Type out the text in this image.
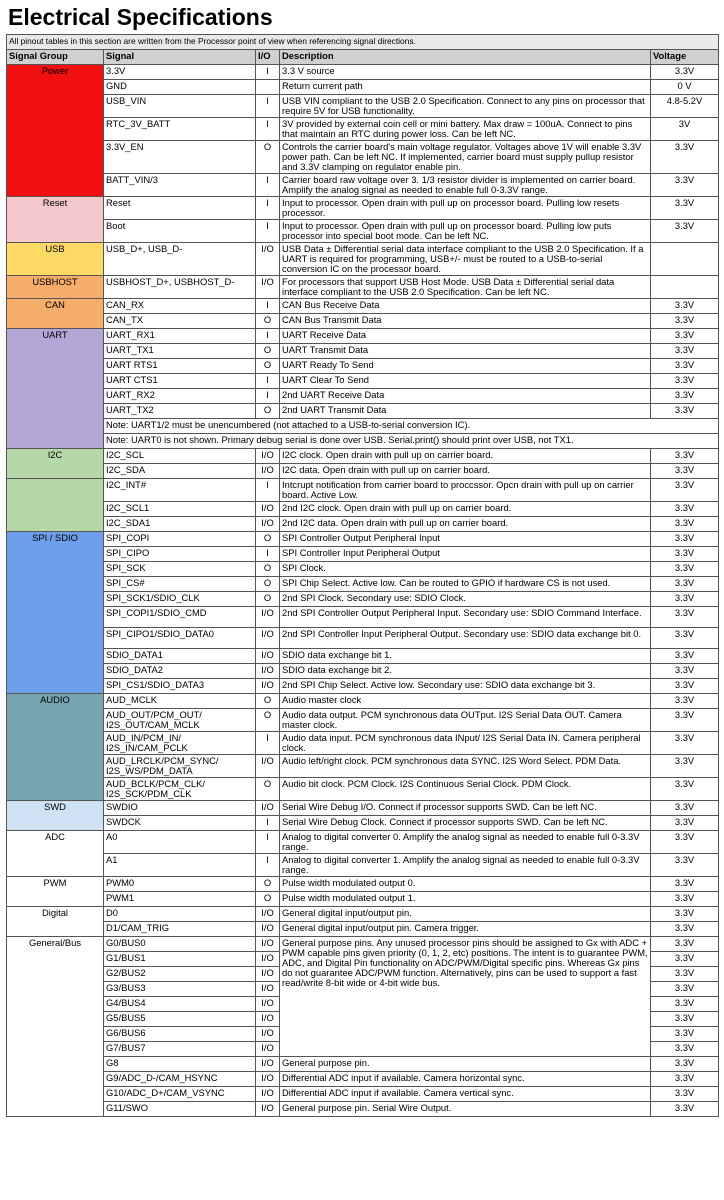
Electrical Specifications
All pinout tables in this section are written from the Processor point of view when referencing signal directions.				
Signal Group	Signal	I/O	Description	Voltage
Power	3.3V	I	3.3 V source	3.3V
	GND		Return current path	0 V
	USB_VIN	I	USB VIN compliant to the USB 2.0 Specification. Connect to any pins on processor that require 5V for USB functionality.	4.8-5.2V
	RTC_3V_BATT	I	3V provided by external coin cell or mini battery. Max draw = 100uA. Connect to pins that maintain an RTC during power loss. Can be left NC.	3V
	3.3V_EN	O	Controls the carrier board's main voltage regulator. Voltages above 1V will enable 3.3V power path. Can be left NC. If implemented, carrier board must supply pullup resistor and 3.3V clamping on regulator enable pin.	3.3V
	BATT_VIN/3	I	Carrier board raw voltage over 3. 1/3 resistor divider is implemented on carrier board. Amplify the analog signal as needed to enable full 0-3.3V range.	3.3V
Reset	Reset	I	Input to processor. Open drain with pull up on processor board. Pulling low resets processor.	3.3V
	Boot	I	Input to processor. Open drain with pull up on processor board. Pulling low puts processor into special boot mode. Can be left NC.	3.3V
USB	USB_D+, USB_D-	I/O	USB Data ± Differential serial data interface compliant to the USB 2.0 Specification. If a UART is required for programming, USB+/- must be routed to a USB-to-serial conversion IC on the processor board.	
USBHOST	USBHOST_D+, USBHOST_D-	I/O	For processors that support USB Host Mode. USB Data ± Differential serial data interface compliant to the USB 2.0 Specification. Can be left NC.	
CAN	CAN_RX	I	CAN Bus Receive Data	3.3V
	CAN_TX	O	CAN Bus Transmit Data	3.3V
UART	UART_RX1	I	UART Receive Data	3.3V
	UART_TX1	O	UART Transmit Data	3.3V
	UART RTS1	O	UART Ready To Send	3.3V
	UART CTS1	I	UART Clear To Send	3.3V
	UART_RX2	I	2nd UART Receive Data	3.3V
	UART_TX2	O	2nd UART Transmit Data	3.3V
	Note: UART1/2 must be unencumbered (not attached to a USB-to-serial conversion IC).			
	Note: UART0 is not shown. Primary debug serial is done over USB. Serial.print() should print over USB, not TX1.			
I2C	I2C_SCL	I/O	I2C clock. Open drain with pull up on carrier board.	3.3V
	I2C_SDA	I/O	I2C data. Open drain with pull up on carrier board.	3.3V
	I2C_INT#	I	Intcrupt notification from carrier board to proccssor. Opcn drain with pull up on carrier board. Active Low.	3.3V
	I2C_SCL1	I/O	2nd I2C clock. Open drain with pull up on carrier board.	3.3V
	I2C_SDA1	I/O	2nd I2C data. Open drain with pull up on carrier board.	3.3V
SPI / SDIO	SPI_COPI	O	SPI Controller Output Peripheral Input	3.3V
	SPI_CIPO	I	SPI Controller Input Peripheral Output	3.3V
	SPI_SCK	O	SPI Clock.	3.3V
	SPI_CS#	O	SPI Chip Select. Active low. Can be routed to GPIO if hardware CS is not used.	3.3V
	SPI_SCK1/SDIO_CLK	O	2nd SPI Clock. Secondary use: SDIO Clock.	3.3V
	SPI_COPI1/SDIO_CMD	I/O	2nd SPI Controller Output Peripheral Input. Secondary use: SDIO Command Interface.	3.3V
	SPI_CIPO1/SDIO_DATA0	I/O	2nd SPI Controller Input Peripheral Output. Secondary use: SDIO data exchange bit 0.	3.3V
	SDIO_DATA1	I/O	SDIO data exchange bit 1.	3.3V
	SDIO_DATA2	I/O	SDIO data exchange bit 2.	3.3V
	SPI_CS1/SDIO_DATA3	I/O	2nd SPI Chip Select. Active low. Secondary use: SDIO data exchange bit 3.	3.3V
AUDIO	AUD_MCLK	O	Audio master clock	3.3V
	AUD_OUT/PCM_OUT/ I2S_OUT/CAM_MCLK	O	Audio data output. PCM synchronous data OUTput. I2S Serial Data OUT. Camera master clock.	3.3V
	AUD_IN/PCM_IN/ I2S_IN/CAM_PCLK	I	Audio data input. PCM synchronous data INput/ I2S Serial Data IN. Camera peripheral clock.	3.3V
	AUD_LRCLK/PCM_SYNC/ I2S_WS/PDM_DATA	I/O	Audio left/right clock. PCM synchronous data SYNC. I2S Word Select. PDM Data.	3.3V
	AUD_BCLK/PCM_CLK/ I2S_SCK/PDM_CLK	O	Audio bit clock. PCM Clock. I2S Continuous Serial Clock. PDM Clock.	3.3V
SWD	SWDIO	I/O	Serial Wire Debug I/O. Connect if processor supports SWD. Can be left NC.	3.3V
	SWDCK	I	Serial Wire Debug Clock. Connect if processor supports SWD. Can be left NC.	3.3V
ADC	A0	I	Analog to digital converter 0. Amplify the analog signal as needed to enable full 0-3.3V range.	3.3V
	A1	I	Analog to digital converter 1. Amplify the analog signal as needed to enable full 0-3.3V range.	3.3V
PWM	PWM0	O	Pulse width modulated output 0.	3.3V
	PWM1	O	Pulse width modulated output 1.	3.3V
Digital	D0	I/O	General digital input/output pin.	3.3V
	D1/CAM_TRIG	I/O	General digital input/output pin. Camera trigger.	3.3V
General/Bus	G0/BUS0	I/O	General purpose pins. Any unused processor pins should be assigned to Gx with ADC + PWM capable pins given priority (0, 1, 2, etc) positions. The intent is to guarantee PWM, ADC, and Digital Pin functionality on ADC/PWM/Digital specific pins. Whereas Gx pins do not guarantee ADC/PWM function. Alternatively, pins can be used to support a fast read/write 8-bit wide or 4-bit wide bus.	3.3V
	G1/BUS1	I/O		3.3V
	G2/BUS2	I/O		3.3V
	G3/BUS3	I/O		3.3V
	G4/BUS4	I/O		3.3V
	G5/BUS5	I/O		3.3V
	G6/BUS6	I/O		3.3V
	G7/BUS7	I/O		3.3V
	G8	I/O	General purpose pin.	3.3V
	G9/ADC_D-/CAM_HSYNC	I/O	Differential ADC input if available. Camera horizontal sync.	3.3V
	G10/ADC_D+/CAM_VSYNC	I/O	Differential ADC input if available. Camera vertical sync.	3.3V
	G11/SWO	I/O	General purpose pin. Serial Wire Output.	3.3V
